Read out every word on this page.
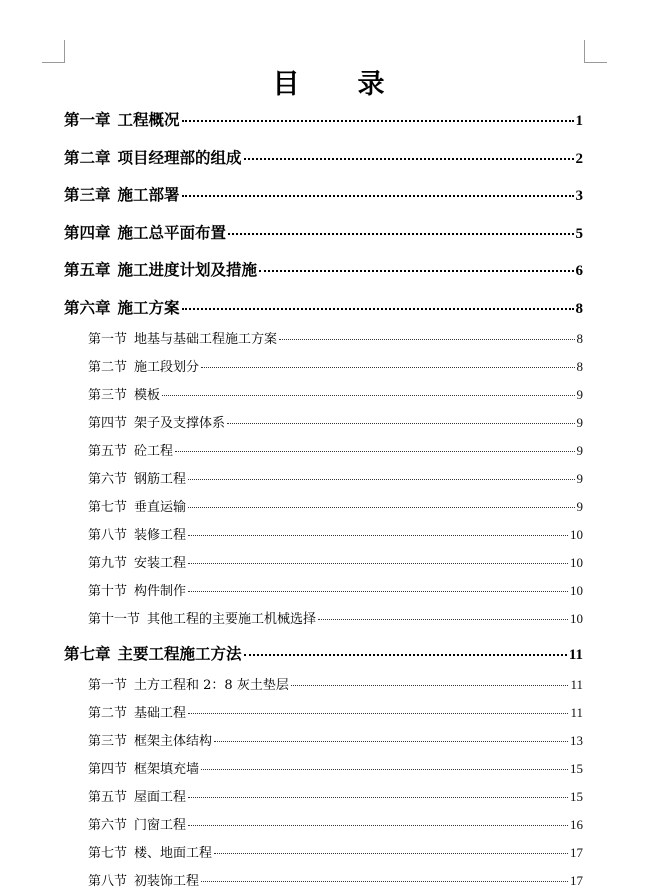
目 录
第一章 工程概况	1
第二章 项目经理部的组成	2
第三章 施工部署	3
第四章 施工总平面布置	5
第五章 施工进度计划及措施	6
第六章 施工方案	8
第一节 地基与基础工程施工方案	8
第二节 施工段划分	8
第三节 模板	9
第四节 架子及支撑体系	9
第五节 砼工程	9
第六节 钢筋工程	9
第七节 垂直运输	9
第八节 装修工程	10
第九节 安装工程	10
第十节 构件制作	10
第十一节 其他工程的主要施工机械选择	10
第七章 主要工程施工方法	11
第一节 土方工程和 2：8 灰土垫层	11
第二节 基础工程	11
第三节 框架主体结构	13
第四节 框架填充墙	15
第五节 屋面工程	15
第六节 门窗工程	16
第七节 楼、地面工程	17
第八节 初装饰工程	17
